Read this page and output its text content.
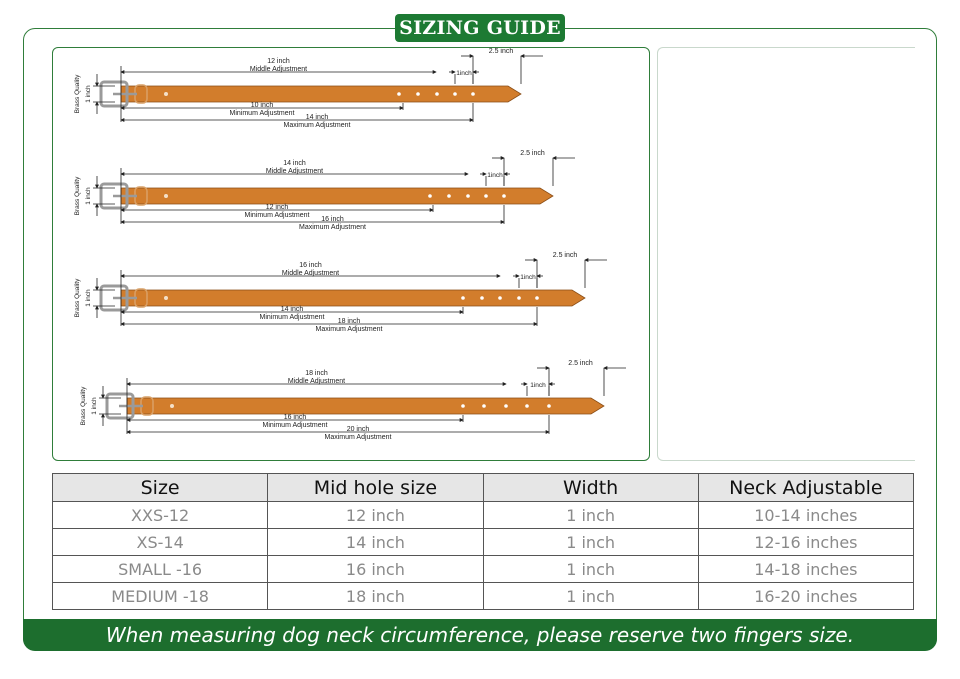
SIZING GUIDE
Brass Quality 1 inch
12 inch
Middle Adjustment
1inch
2.5 inch
10 inch
Minimum Adjustment
14 inch
Maximum Adjustment
Brass Quality 1 inch
14 inch
Middle Adjustment
1inch
2.5 inch
12 inch
Minimum Adjustment
16 inch
Maximum Adjustment
Brass Quality 1 inch
16 inch
Middle Adjustment
1inch
2.5 inch
14 inch
Minimum Adjustment
18 inch
Maximum Adjustment
Brass Quality 1 inch
18 inch
Middle Adjustment
1inch
2.5 inch
16 inch
Minimum Adjustment
20 inch
Maximum Adjustment
Size	Mid hole size	Width	Neck Adjustable
XXS-12	12 inch	1 inch	10-14 inches
XS-14	14 inch	1 inch	12-16 inches
SMALL -16	16 inch	1 inch	14-18 inches
MEDIUM -18	18 inch	1 inch	16-20 inches
When measuring dog neck circumference, please reserve two fingers size.
